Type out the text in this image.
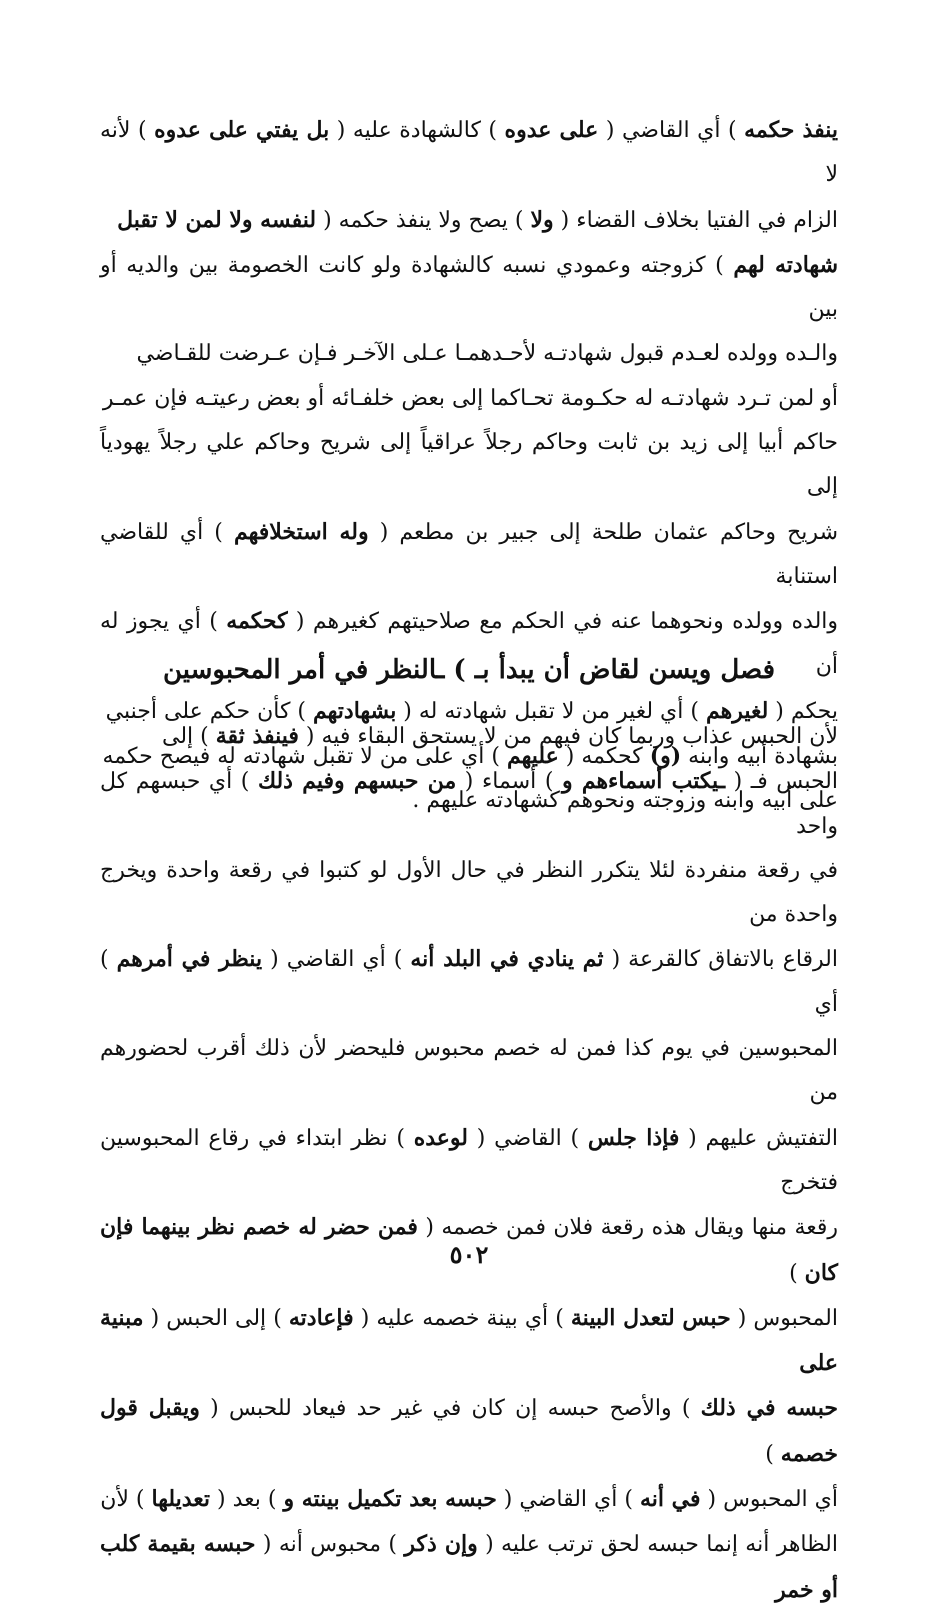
ينفذ حكمه ) أي القاضي ( على عدوه ) كالشهادة عليه ( بل يفتي على عدوه ) لأنه لا

الزام في الفتيا بخلاف القضاء ( ولا ) يصح ولا ينفذ حكمه ( لنفسه ولا لمن لا تقبل

شهادته لهم ) كزوجته وعمودي نسبه كالشهادة ولو كانت الخصومة بين والديه أو بين

والـده وولده لعـدم قبول شهادتـه لأحـدهمـا عـلى الآخـر فـإن عـرضت للقـاضي

أو لمن تـرد شهادتـه له حكـومة تحـاكما إلى بعض خلفـائه أو بعض رعيتـه فإن عمـر

حاكم أبيا إلى زيد بن ثابت وحاكم رجلاً عراقياً إلى شريح وحاكم علي رجلاً يهودياً إلى

شريح وحاكم عثمان طلحة إلى جبير بن مطعم ( وله استخلافهم ) أي للقاضي استنابة

والده وولده ونحوهما عنه في الحكم مع صلاحيتهم كغيرهم ( كحكمه ) أي يجوز له أن

يحكم ( لغيرهم ) أي لغير من لا تقبل شهادته له ( بشهادتهم ) كأن حكم على أجنبي

بشهادة أبيه وابنه (و) كحكمه ( عليهم ) أي على من لا تقبل شهادته له فيصح حكمه

على أبيه وابنه وزوجته ونحوهم كشهادته عليهم .

فصل ويسن لقاض أن يبدأ بـ ) ـالنظر في أمر المحبوسين

لأن الحبس عذاب وربما كان فيهم من لا يستحق البقاء فيه ( فينفذ ثقة ) إلى

الحبس فـ ( ـيكتب أسماءهم و ) أسماء ( من حبسهم وفيم ذلك ) أي حبسهم كل واحد

في رقعة منفردة لئلا يتكرر النظر في حال الأول لو كتبوا في رقعة واحدة ويخرج واحدة من

الرقاع بالاتفاق كالقرعة ( ثم ينادي في البلد أنه ) أي القاضي ( ينظر في أمرهم ) أي

المحبوسين في يوم كذا فمن له خصم محبوس فليحضر لأن ذلك أقرب لحضورهم من

التفتيش عليهم ( فإذا جلس ) القاضي ( لوعده ) نظر ابتداء في رقاع المحبوسين فتخرج

رقعة منها ويقال هذه رقعة فلان فمن خصمه ( فمن حضر له خصم نظر بينهما فإن كان )

المحبوس ( حبس لتعدل البينة ) أي بينة خصمه عليه ( فإعادته ) إلى الحبس ( مبنية على

حبسه في ذلك ) والأصح حبسه إن كان في غير حد فيعاد للحبس ( ويقبل قول خصمه )

أي المحبوس ( في أنه ) أي القاضي ( حبسه بعد تكميل بينته و ) بعد ( تعديلها ) لأن

الظاهر أنه إنما حبسه لحق ترتب عليه ( وإن ذكر ) محبوس أنه ( حبسه بقيمة كلب أو خمر

٥٠٢
